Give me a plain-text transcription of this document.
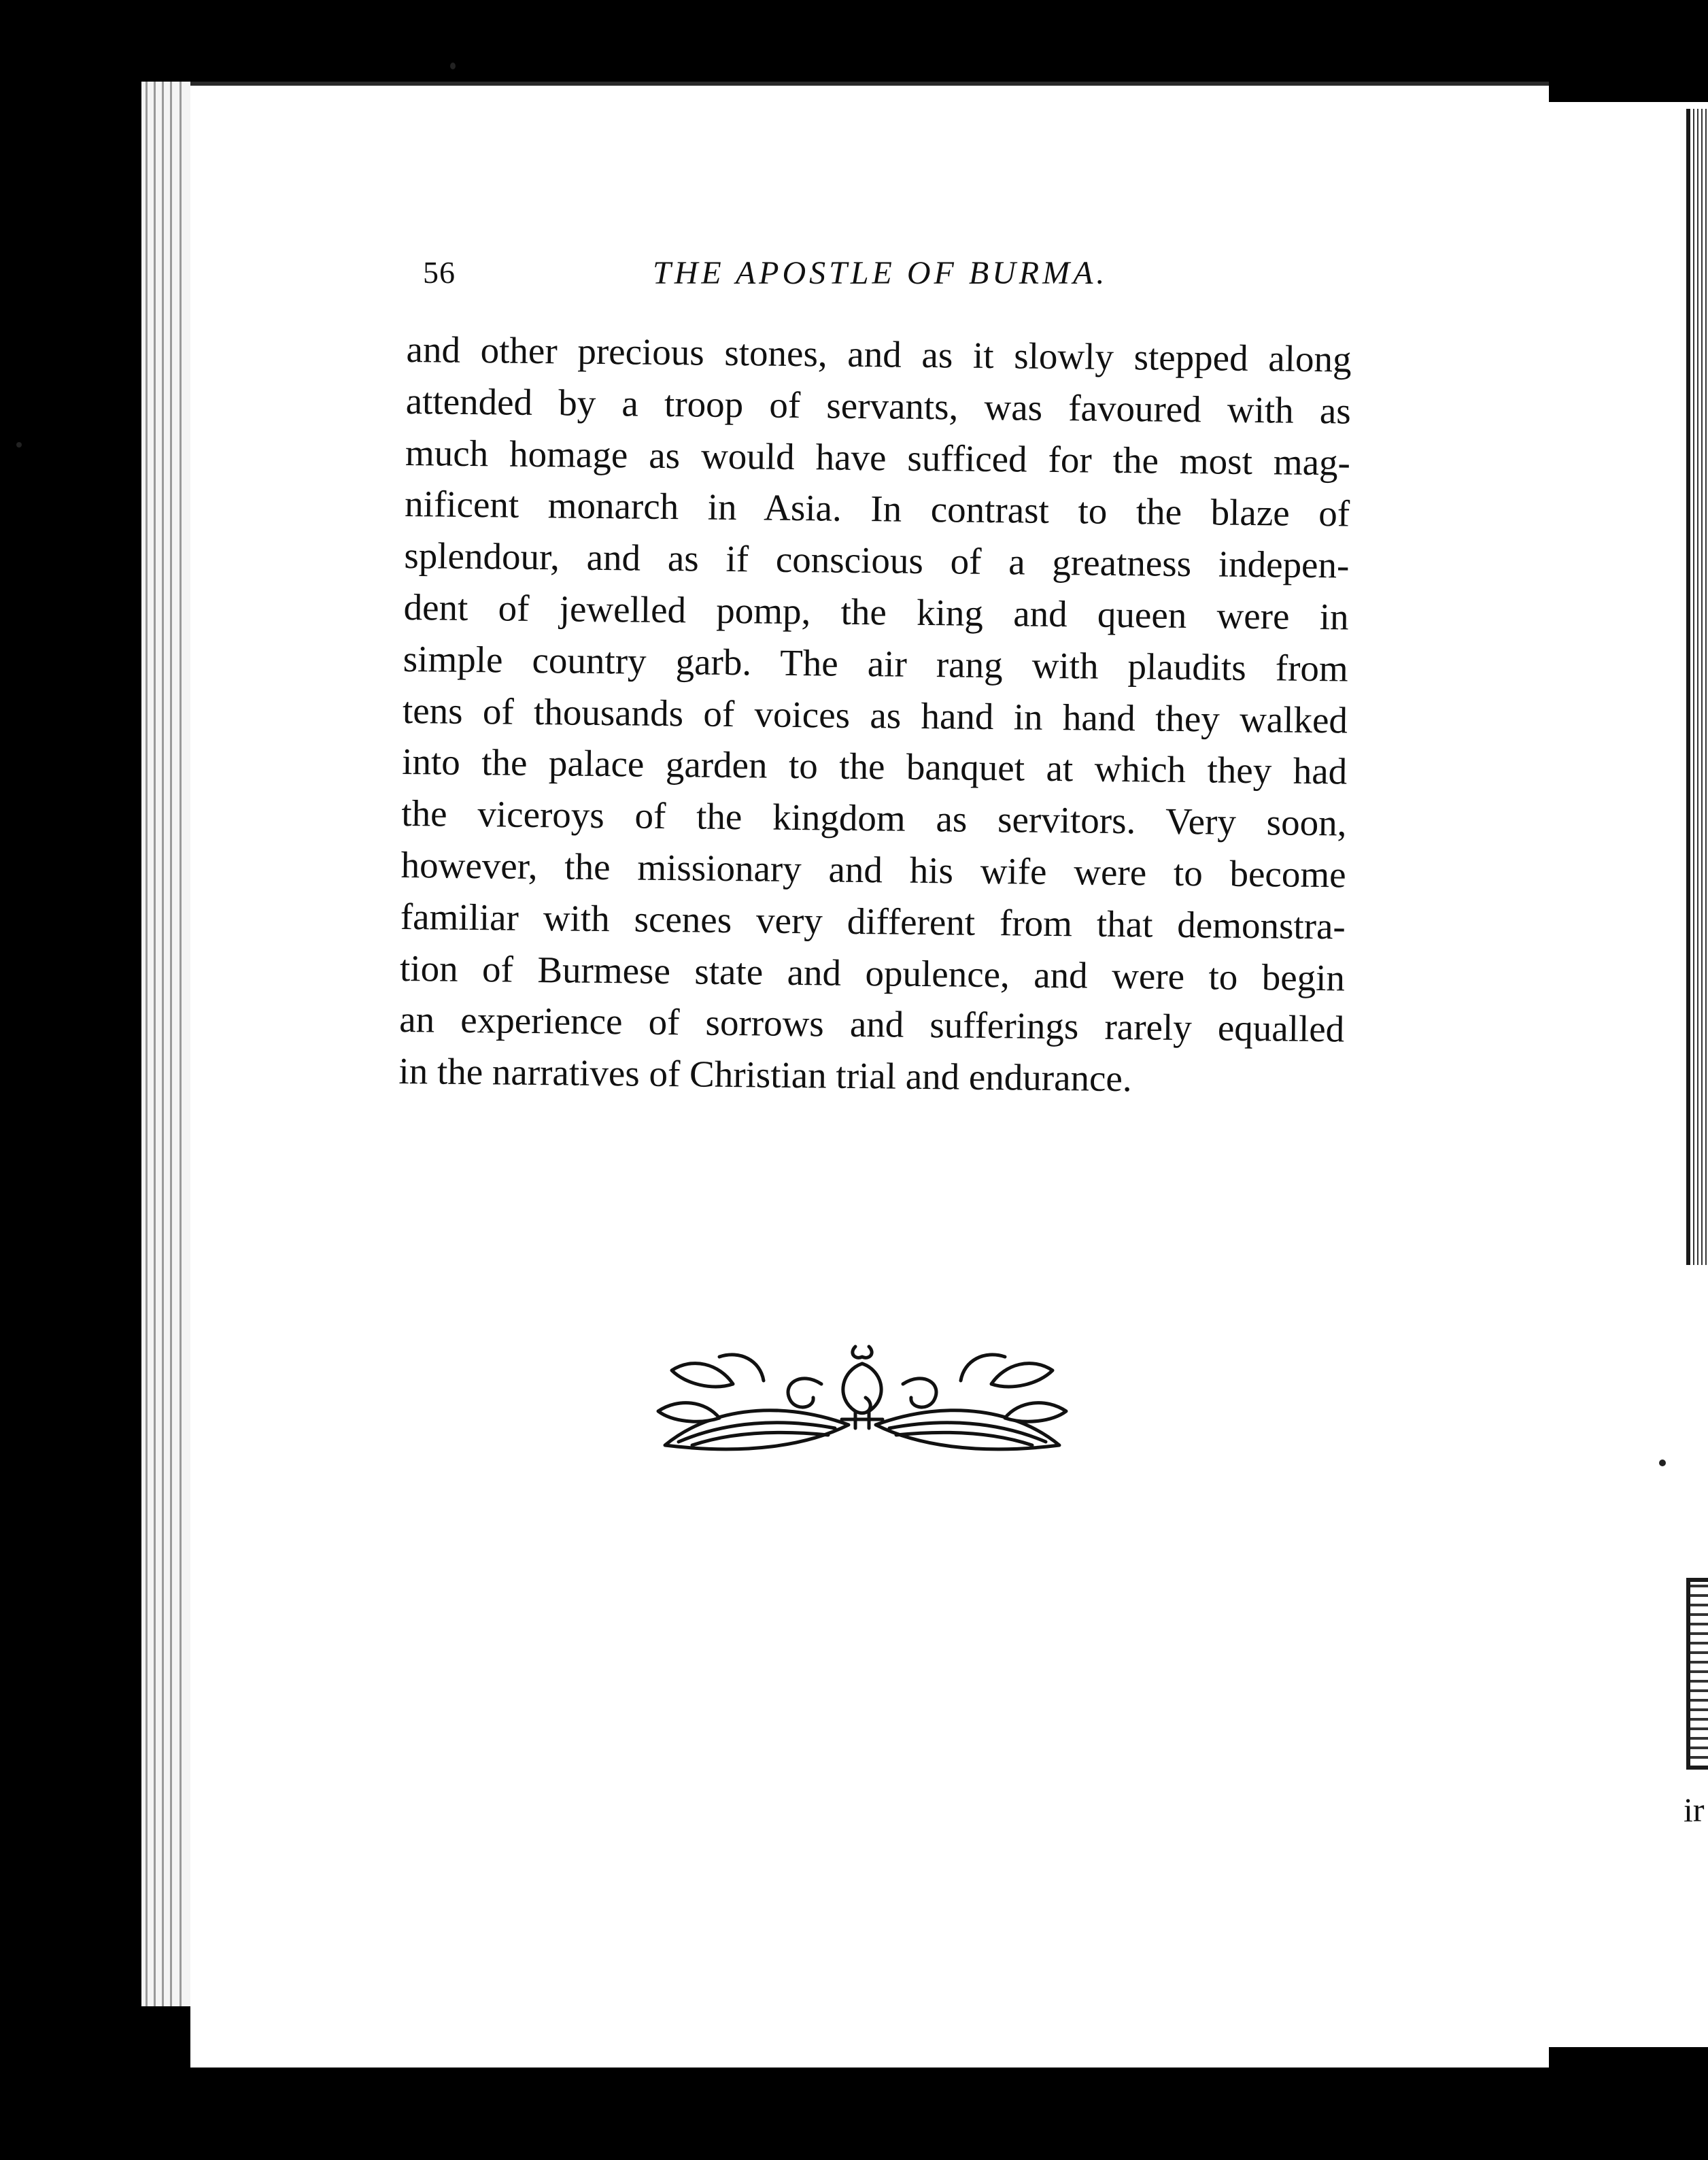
56	THE APOSTLE OF BURMA.
and other precious stones, and as it slowly stepped along
attended by a troop of servants, was favoured with as
much homage as would have sufficed for the most mag-
nificent monarch in Asia. In contrast to the blaze of
splendour, and as if conscious of a greatness indepen-
dent of jewelled pomp, the king and queen were in
simple country garb. The air rang with plaudits from
tens of thousands of voices as hand in hand they walked
into the palace garden to the banquet at which they had
the viceroys of the kingdom as servitors. Very soon,
however, the missionary and his wife were to become
familiar with scenes very different from that demonstra-
tion of Burmese state and opulence, and were to begin
an experience of sorrows and sufferings rarely equalled
in the narratives of Christian trial and endurance.
ir
